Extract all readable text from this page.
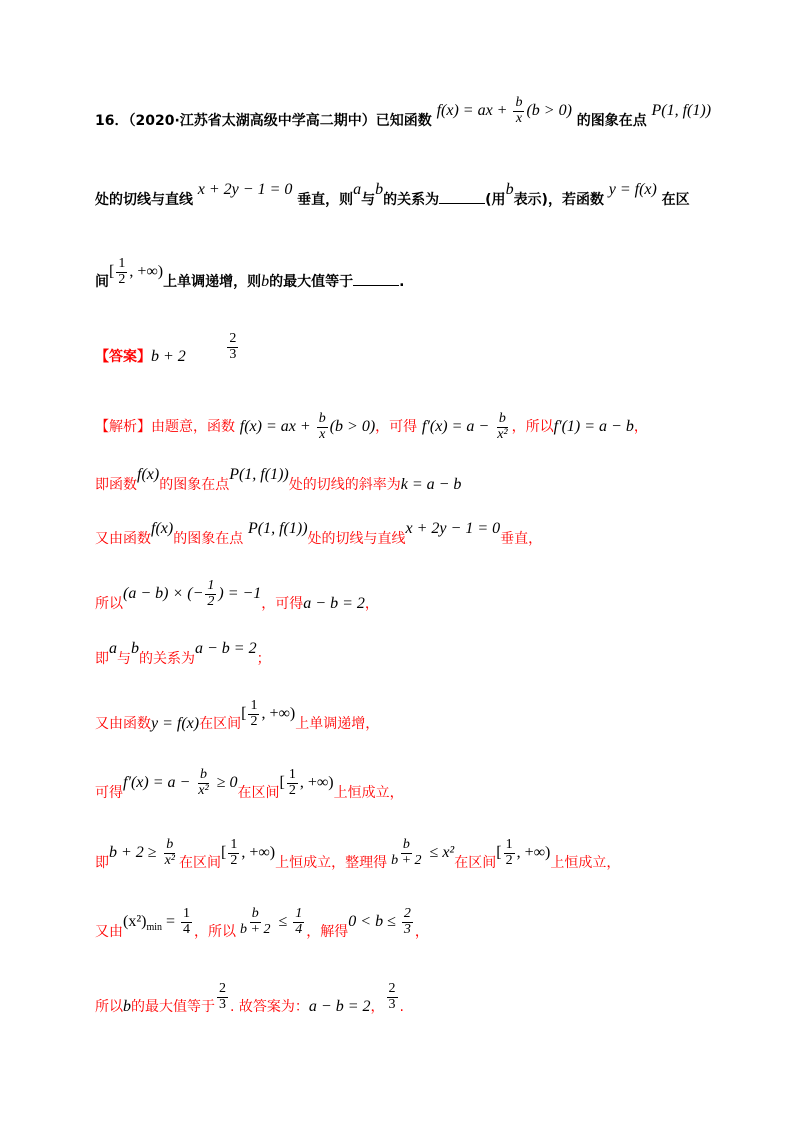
16．（2020·江苏省太湖高级中学高二期中）已知函数 f(x) = ax + $\frac{b}{x} (b > 0)$ 的图象在点 P(1, f(1))
处的切线与直线 x + 2y − 1 = 0 垂直，则a与b的关系为	(用b表示)，若函数 y = f(x) 在区
间[ $\frac{1}{2}$ , +∞)上单调递增，则b的最大值等于	.
【答案】b + 2	$\frac{2}{3}$
【解析】由题意，函数 f(x) = ax + $\frac{b}{x} (b > 0)$，可得 $f'(x) = a - \frac{b}{\text{x²}}$ ，所以f′(1) = a − b，
即函数f(x)的图象在点P(1, f(1))处的切线的斜率为k = a − b
又由函数f(x)的图象在点 P(1, f(1))处的切线与直线x + 2y − 1 = 0垂直，
所以(a − b) × (− $\frac{1}{2}$ ) = −1，可得a − b = 2，
即a与b的关系为a − b = 2；
又由函数y = f(x)在区间[ $\frac{1}{2}$ , +∞)上单调递增，
可得$f'(x) = a - \frac{b}{\text{x²}} \ge 0$在区间[ $\frac{1}{2}$ , +∞)上恒成立，
即$b + 2 \ge \frac{b}{\text{x²}}$ 在区间[ $\frac{1}{2}$ , +∞)上恒成立，整理得 $\frac{b}{b + 2} \le x^2$在区间[ $\frac{1}{2}$ , +∞)上恒成立，
又由$(x^2)_{min} = \frac{1}{4}$ ，所以 $\frac{b}{b + 2} \le \frac{1}{4}$ ，解得$0 < b \le \frac{2}{3}$ ，
所以b的最大值等于 $\frac{2}{3}$ . 故答案为：a − b = 2， $\frac{2}{3}$ .
